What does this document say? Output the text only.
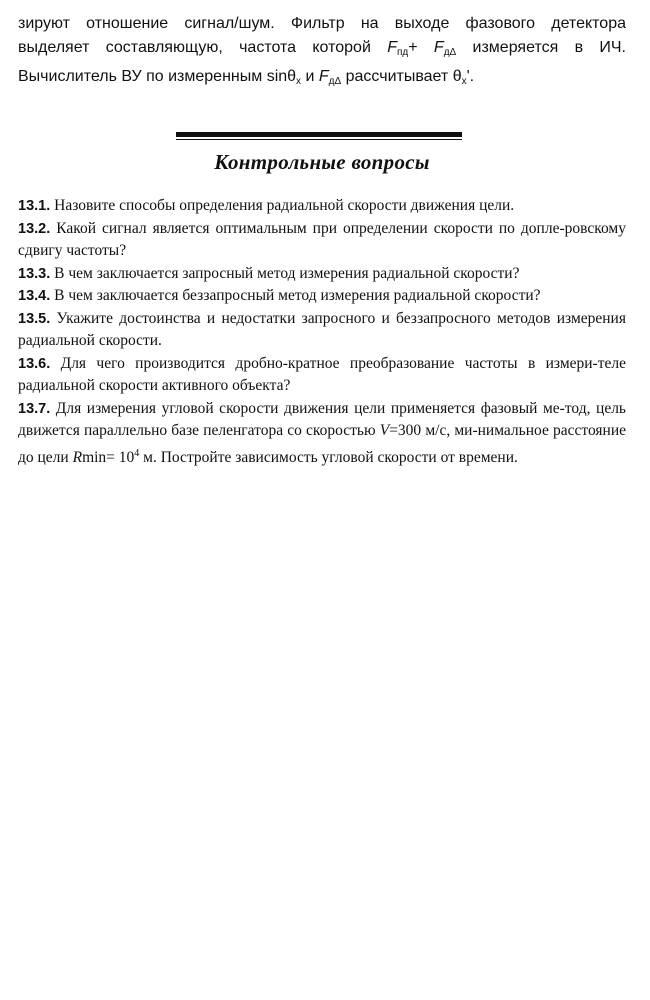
зируют отношение сигнал/шум. Фильтр на выходе фазового детектора

выделяет составляющую, частота которой $F_{пд}+ F_{д\Delta}$ измеряется в ИЧ.

Вычислитель ВУ по измеренным sinθ$_x$ и $F_{д\Delta}$ рассчитывает $\theta_x'$.

Контрольные вопросы

13.1. Назовите способы определения радиальной скорости движения цели.

13.2. Какой сигнал является оптимальным при определении скорости по допле-ровскому сдвигу частоты?

13.3. В чем заключается запросный метод измерения радиальной скорости?

13.4. В чем заключается беззапросный метод измерения радиальной скорости?

13.5. Укажите достоинства и недостатки запросного и беззапросного методов измерения радиальной скорости.

13.6. Для чего производится дробно-кратное преобразование частоты в измери-теле радиальной скорости активного объекта?

13.7. Для измерения угловой скорости движения цели применяется фазовый ме-тод, цель движется параллельно базе пеленгатора со скоростью V=300 м/с, ми-нимальное расстояние до цели $Rmin= 10^4$ м. Постройте зависимость угловой скорости от времени.
